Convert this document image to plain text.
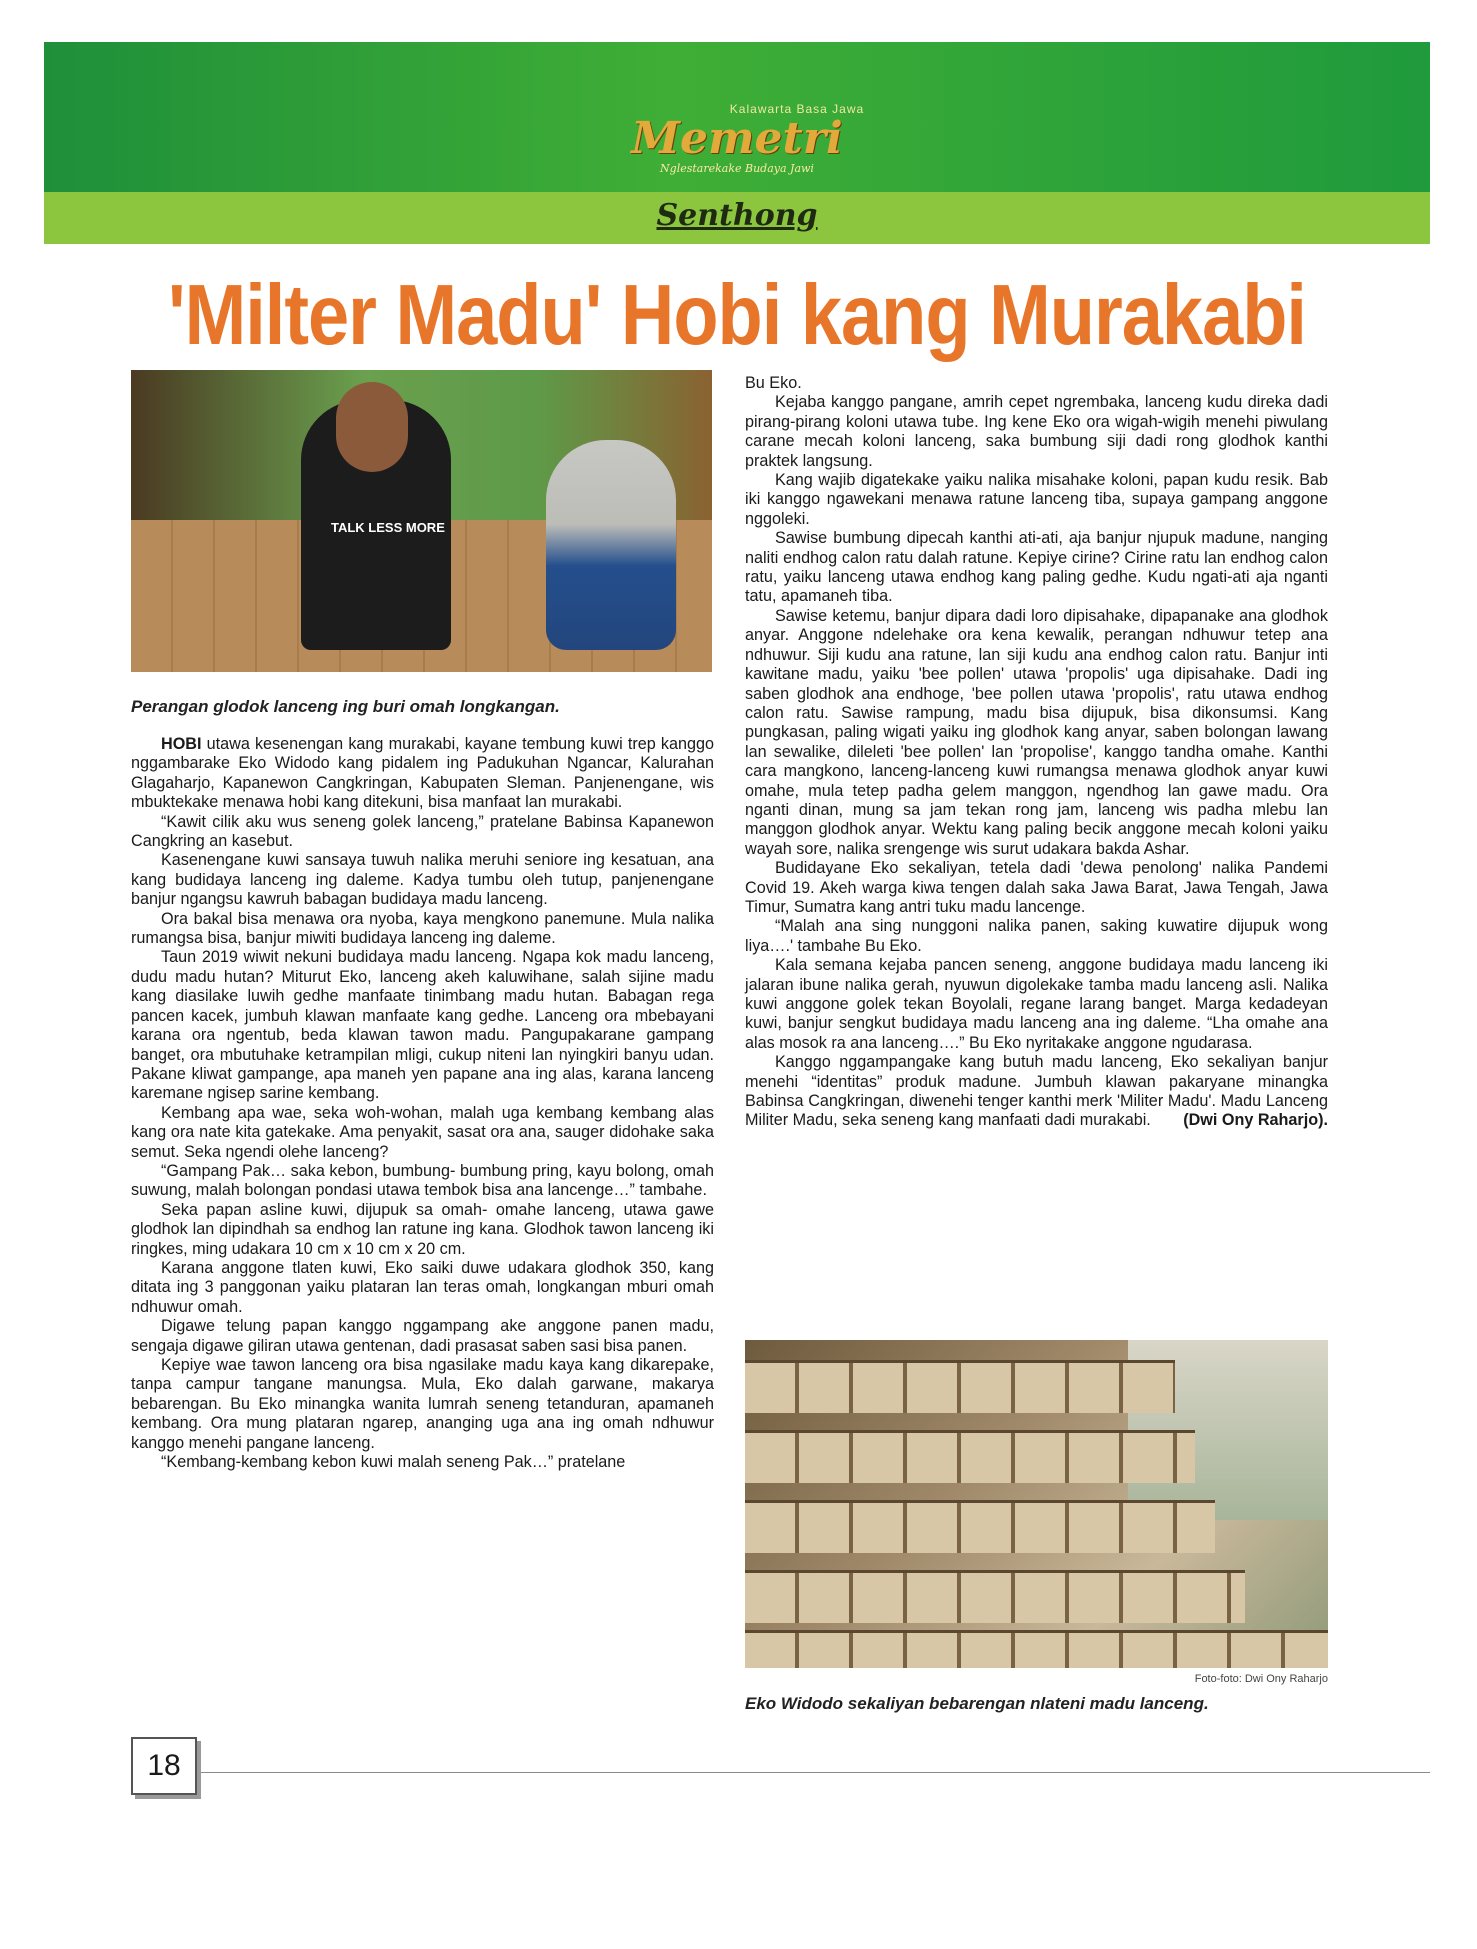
Kalawarta Basa Jawa
Memetri
Nglestarekake Budaya Jawi
Senthong
'Milter Madu' Hobi kang Murakabi
TALK LESS MORE
Perangan glodok lanceng ing buri omah longkangan.

HOBI utawa kesenengan kang murakabi, kayane tembung kuwi trep kanggo nggambarake Eko Widodo kang pidalem ing Padukuhan Ngancar, Kalurahan Glagaharjo, Kapanewon Cangkringan, Kabupaten Sleman. Panjenengane, wis mbuktekake menawa hobi kang ditekuni, bisa manfaat lan murakabi.

“Kawit cilik aku wus seneng golek lanceng,” pratelane Babinsa Kapanewon Cangkring an kasebut.

Kasenengane kuwi sansaya tuwuh nalika meruhi seniore ing kesatuan, ana kang budidaya lanceng ing daleme. Kadya tumbu oleh tutup, panjenengane banjur ngangsu kawruh babagan budidaya madu lanceng.

Ora bakal bisa menawa ora nyoba, kaya mengkono panemune. Mula nalika rumangsa bisa, banjur miwiti budidaya lanceng ing daleme.

Taun 2019 wiwit nekuni budidaya madu lanceng. Ngapa kok madu lanceng, dudu madu hutan? Miturut Eko, lanceng akeh kaluwihane, salah sijine madu kang diasilake luwih gedhe manfaate tinimbang madu hutan. Babagan rega pancen kacek, jumbuh klawan manfaate kang gedhe. Lanceng ora mbebayani karana ora ngentub, beda klawan tawon madu. Pangupakarane gampang banget, ora mbutuhake ketrampilan mligi, cukup niteni lan nyingkiri banyu udan. Pakane kliwat gampange, apa maneh yen papane ana ing alas, karana lanceng karemane ngisep sarine kembang.

Kembang apa wae, seka woh-wohan, malah uga kembang kembang alas kang ora nate kita gatekake. Ama penyakit, sasat ora ana, sauger didohake saka semut. Seka ngendi olehe lanceng?

“Gampang Pak… saka kebon, bumbung- bumbung pring, kayu bolong, omah suwung, malah bolongan pondasi utawa tembok bisa ana lancenge…” tambahe.

Seka papan asline kuwi, dijupuk sa omah- omahe lanceng, utawa gawe glodhok lan dipindhah sa endhog lan ratune ing kana. Glodhok tawon lanceng iki ringkes, ming udakara 10 cm x 10 cm x 20 cm.

Karana anggone tlaten kuwi, Eko saiki duwe udakara glodhok 350, kang ditata ing 3 panggonan yaiku plataran lan teras omah, longkangan mburi omah ndhuwur omah.

Digawe telung papan kanggo nggampang ake anggone panen madu, sengaja digawe giliran utawa gentenan, dadi prasasat saben sasi bisa panen.

Kepiye wae tawon lanceng ora bisa ngasilake madu kaya kang dikarepake, tanpa campur tangane manungsa. Mula, Eko dalah garwane, makarya bebarengan. Bu Eko minangka wanita lumrah seneng tetanduran, apamaneh kembang. Ora mung plataran ngarep, ananging uga ana ing omah ndhuwur kanggo menehi pangane lanceng.

“Kembang-kembang kebon kuwi malah seneng Pak…” pratelane

Bu Eko.

Kejaba kanggo pangane, amrih cepet ngrembaka, lanceng kudu direka dadi pirang-pirang koloni utawa tube. Ing kene Eko ora wigah-wigih menehi piwulang carane mecah koloni lanceng, saka bumbung siji dadi rong glodhok kanthi praktek langsung.

Kang wajib digatekake yaiku nalika misahake koloni, papan kudu resik. Bab iki kanggo ngawekani menawa ratune lanceng tiba, supaya gampang anggone nggoleki.

Sawise bumbung dipecah kanthi ati-ati, aja banjur njupuk madune, nanging naliti endhog calon ratu dalah ratune. Kepiye cirine? Cirine ratu lan endhog calon ratu, yaiku lanceng utawa endhog kang paling gedhe. Kudu ngati-ati aja nganti tatu, apamaneh tiba.

Sawise ketemu, banjur dipara dadi loro dipisahake, dipapanake ana glodhok anyar. Anggone ndelehake ora kena kewalik, perangan ndhuwur tetep ana ndhuwur. Siji kudu ana ratune, lan siji kudu ana endhog calon ratu. Banjur inti kawitane madu, yaiku 'bee pollen' utawa 'propolis' uga dipisahake. Dadi ing saben glodhok ana endhoge, 'bee pollen utawa 'propolis', ratu utawa endhog calon ratu. Sawise rampung, madu bisa dijupuk, bisa dikonsumsi. Kang pungkasan, paling wigati yaiku ing glodhok kang anyar, saben bolongan lawang lan sewalike, dileleti 'bee pollen' lan 'propolise', kanggo tandha omahe. Kanthi cara mangkono, lanceng-lanceng kuwi rumangsa menawa glodhok anyar kuwi omahe, mula tetep padha gelem manggon, ngendhog lan gawe madu. Ora nganti dinan, mung sa jam tekan rong jam, lanceng wis padha mlebu lan manggon glodhok anyar. Wektu kang paling becik anggone mecah koloni yaiku wayah sore, nalika srengenge wis surut udakara bakda Ashar.

Budidayane Eko sekaliyan, tetela dadi 'dewa penolong' nalika Pandemi Covid 19. Akeh warga kiwa tengen dalah saka Jawa Barat, Jawa Tengah, Jawa Timur, Sumatra kang antri tuku madu lancenge.

“Malah ana sing nunggoni nalika panen, saking kuwatire dijupuk wong liya….' tambahe Bu Eko.

Kala semana kejaba pancen seneng, anggone budidaya madu lanceng iki jalaran ibune nalika gerah, nyuwun digolekake tamba madu lanceng asli. Nalika kuwi anggone golek tekan Boyolali, regane larang banget. Marga kedadeyan kuwi, banjur sengkut budidaya madu lanceng ana ing daleme. “Lha omahe ana alas mosok ra ana lanceng….” Bu Eko nyritakake anggone ngudarasa.

Kanggo nggampangake kang butuh madu lanceng, Eko sekaliyan banjur menehi “identitas” produk madune. Jumbuh klawan pakaryane minangka Babinsa Cangkringan, diwenehi tenger kanthi merk 'Militer Madu'. Madu Lanceng Militer Madu, seka seneng kang manfaati dadi murakabi.	(Dwi Ony Raharjo).

Foto-foto: Dwi Ony Raharjo
Eko Widodo sekaliyan bebarengan nlateni madu lanceng.
18
